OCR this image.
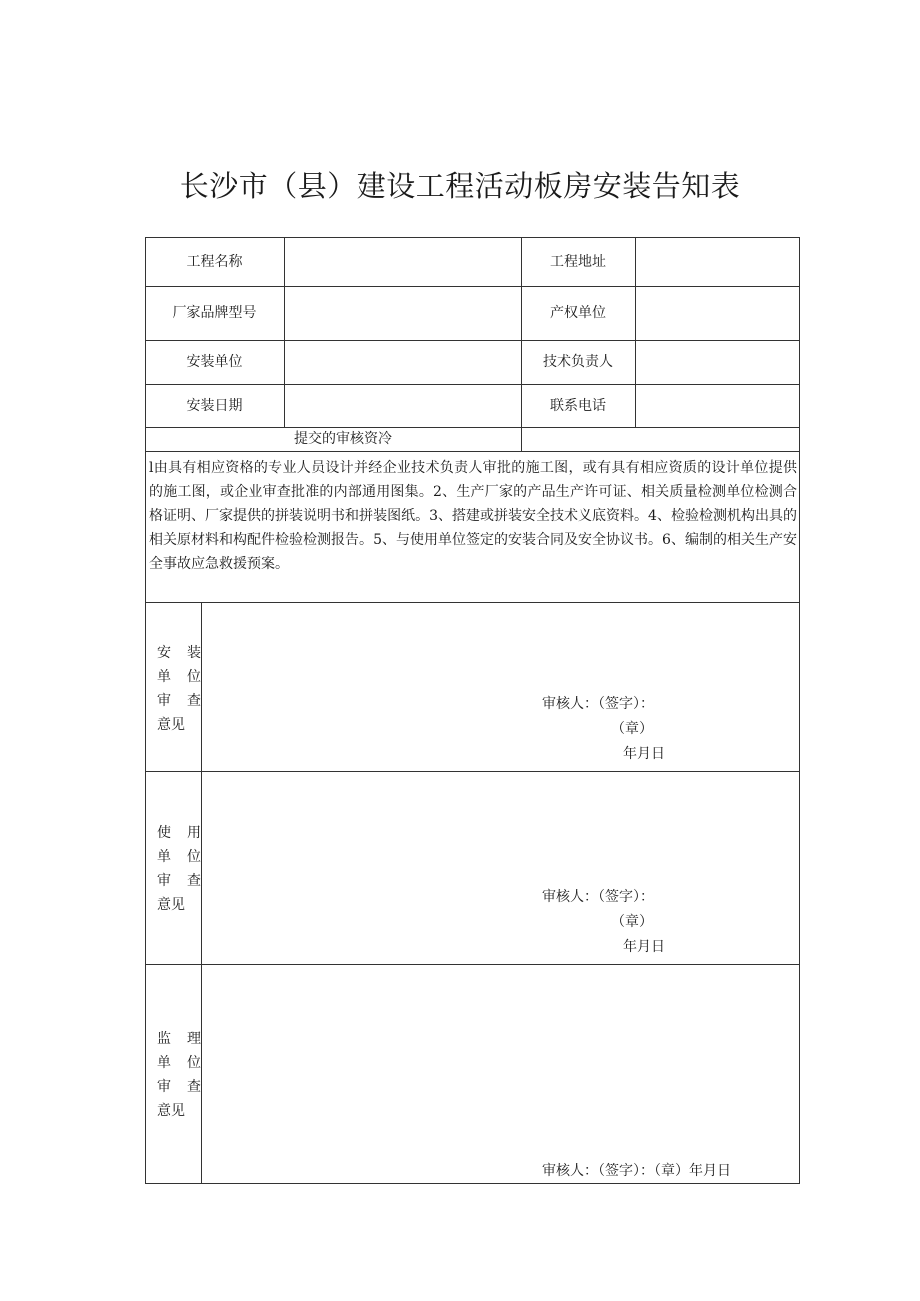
长沙市（县）建设工程活动板房安装告知表
工程名称	工程地址
厂家品牌型号	产权单位
安装单位	技术负责人
安装日期	联系电话
提交的审核资冷
l由具有相应资格的专业人员设计并经企业技术负责人审批的施工图，或有具有相应资质的设计单位提供的施工图，或企业审查批准的内部通用图集。2、生产厂家的产品生产许可证、相关质量检测单位检测合格证明、厂家提供的拼装说明书和拼装图纸。3、搭建或拼装安全技术义底资料。4、检验检测机构出具的相关原材料和构配件检验检测报告。5、与使用单位签定的安装合同及安全协议书。6、编制的相关生产安全事故应急救援预案。
安 装
单 位
审 查
意见
审核人：（签字）：
（章）
年月日
使 用
单 位
审 查
意见	审核人：（签字）：
（章）
年月日
监 理
单 位
审 查
意见
审核人：（签字）：（章）年月日
